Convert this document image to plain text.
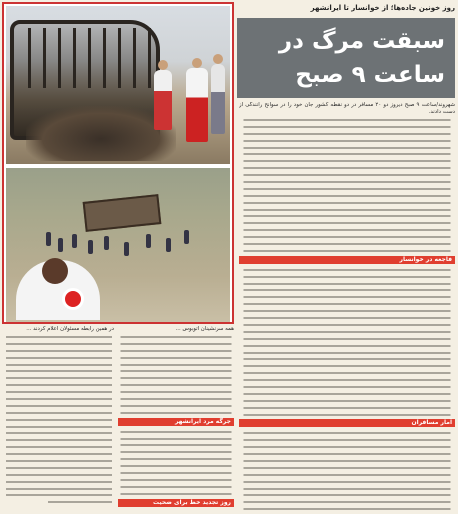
روز خونین جاده‌ها؛ از خوانسار تا ایرانشهر
سبقت مرگ در ساعت ۹ صبح
شهروند/ساعت ۹ صبح دیروز دو ۲۰ مسافر در دو نقطه کشور جان خود را در سوانح رانندگی از دست دادند.
فاجعه در خوانسار
آمار مسافران
همه سرنشینان اتوبوس ...
جرگه مرد ایرانشهر
روز تجدید خط برای ضحیت
در همین رابطه مسئولان اعلام کردند ...
